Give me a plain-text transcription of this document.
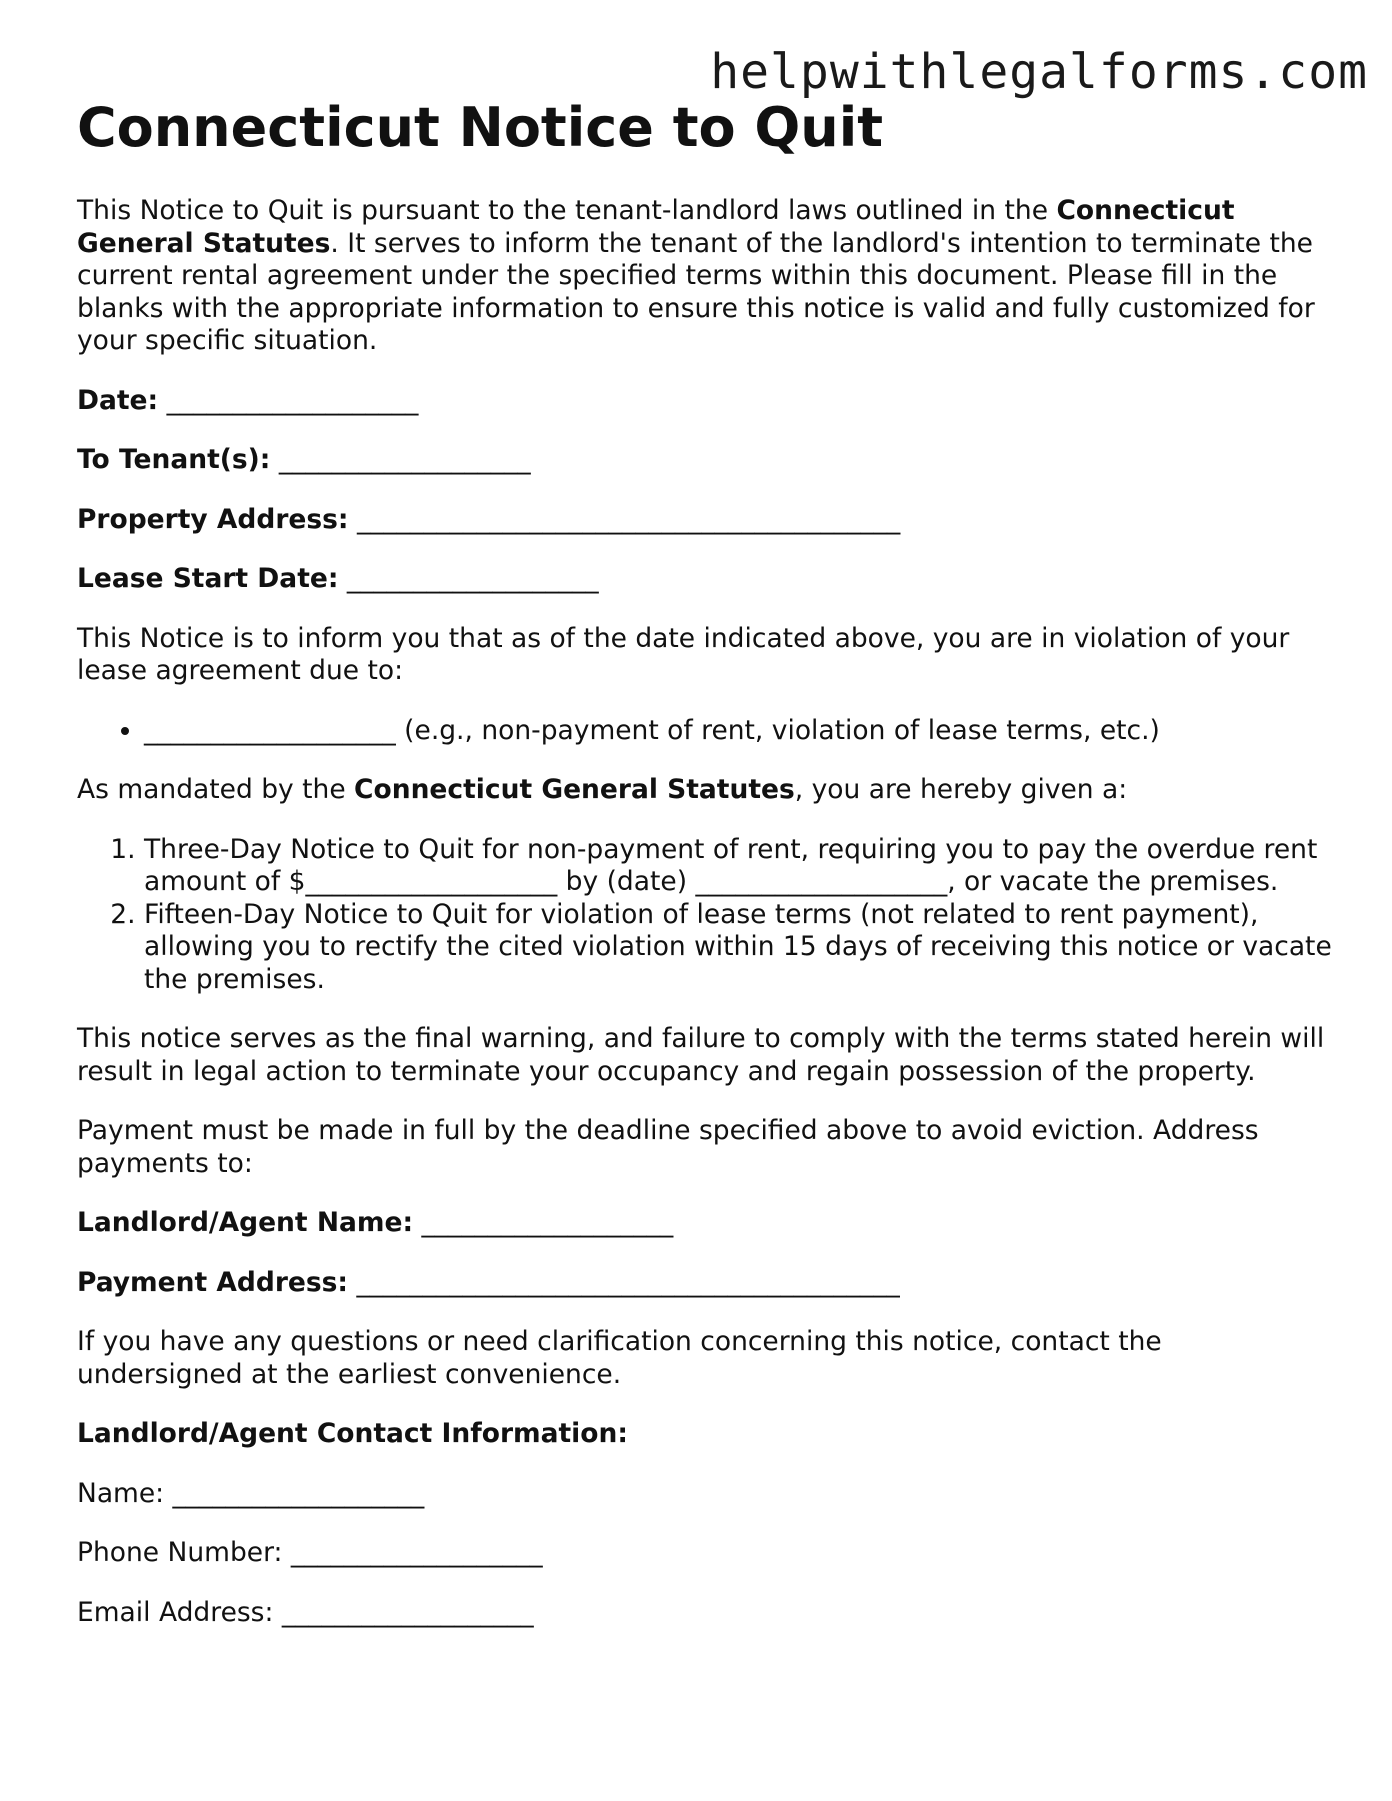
helpwithlegalforms.com
Connecticut Notice to Quit

This Notice to Quit is pursuant to the tenant-landlord laws outlined in the Connecticut General Statutes. It serves to inform the tenant of the landlord's intention to terminate the current rental agreement under the specified terms within this document. Please fill in the blanks with the appropriate information to ensure this notice is valid and fully customized for your specific situation.

Date: ___________________

To Tenant(s): ___________________

Property Address: _________________________________________

Lease Start Date: ___________________

This Notice is to inform you that as of the date indicated above, you are in violation of your lease agreement due to:

• ___________________ (e.g., non-payment of rent, violation of lease terms, etc.)

As mandated by the Connecticut General Statutes, you are hereby given a:

1. Three-Day Notice to Quit for non-payment of rent, requiring you to pay the overdue rent amount of $___________________ by (date) ___________________, or vacate the premises.
2. Fifteen-Day Notice to Quit for violation of lease terms (not related to rent payment), allowing you to rectify the cited violation within 15 days of receiving this notice or vacate the premises.

This notice serves as the final warning, and failure to comply with the terms stated herein will result in legal action to terminate your occupancy and regain possession of the property.

Payment must be made in full by the deadline specified above to avoid eviction. Address payments to:

Landlord/Agent Name: ___________________

Payment Address: _________________________________________

If you have any questions or need clarification concerning this notice, contact the undersigned at the earliest convenience.

Landlord/Agent Contact Information:

Name: ___________________

Phone Number: ___________________

Email Address: ___________________
